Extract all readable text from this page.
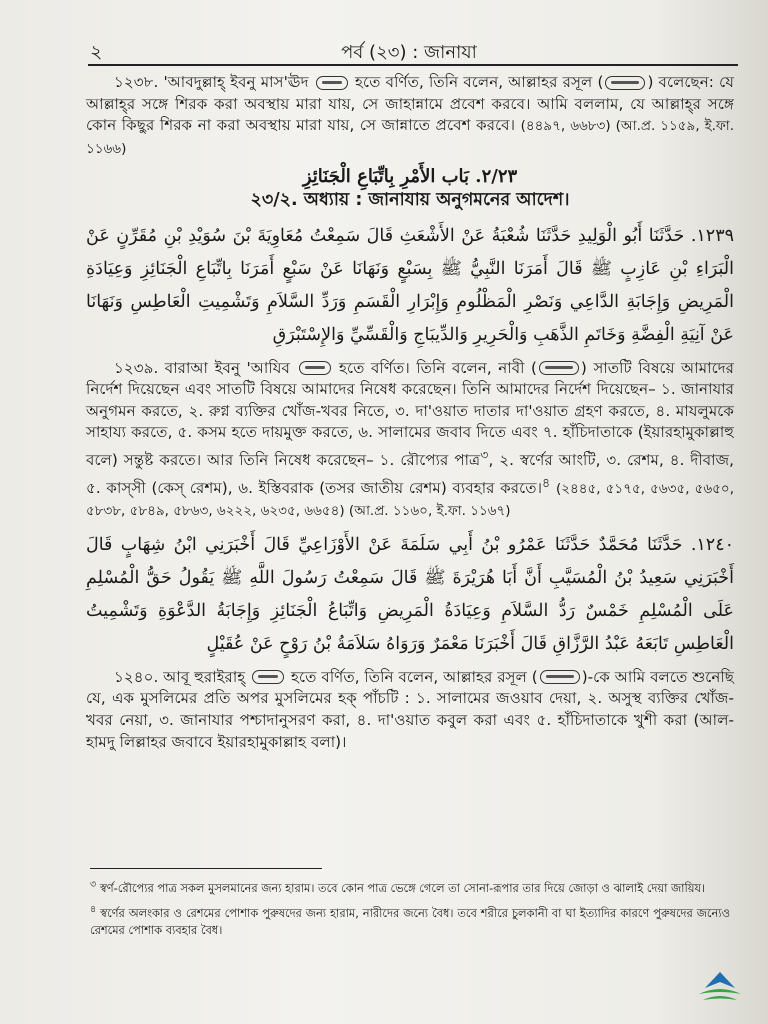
২	পর্ব (২৩) : জানাযা

১২৩৮. 'আবদুল্লাহ্‌ ইবনু মাস'ঊদ	হতে বর্ণিত, তিনি বলেন, আল্লাহর রসূল (	) বলেছেন: যে আল্লাহ্‌র সঙ্গে শিরক করা অবস্থায় মারা যায়, সে জাহান্নামে প্রবেশ করবে। আমি বললাম, যে আল্লাহ্‌র সঙ্গে কোন কিছুর শিরক না করা অবস্থায় মারা যায়, সে জান্নাতে প্রবেশ করবে। (৪৪৯৭, ৬৬৮৩) (আ.প্র. ১১৫৯, ই.ফা. ১১৬৬)

٢/٢٣. بَاب الأَمْرِ بِاتِّبَاعِ الْجَنَائِزِ
২৩/২. অধ্যায় : জানাযায় অনুগমনের আদেশ।
١٢٣٩. حَدَّثَنَا أَبُو الْوَلِيدِ حَدَّثَنَا شُعْبَةُ عَنْ الأَشْعَثِ قَالَ سَمِعْتُ مُعَاوِيَةَ بْنَ سُوَيْدِ بْنِ مُقَرِّنٍ عَنْ الْبَرَاءِ بْنِ عَازِبٍ ﷺ قَالَ أَمَرَنَا النَّبِيُّ ﷺ بِسَبْعٍ وَنَهَانَا عَنْ سَبْعٍ أَمَرَنَا بِاتِّبَاعِ الْجَنَائِزِ وَعِيَادَةِ الْمَرِيضِ وَإِجَابَةِ الدَّاعِي وَنَصْرِ الْمَظْلُومِ وَإِبْرَارِ الْقَسَمِ وَرَدِّ السَّلاَمِ وَتَشْمِيتِ الْعَاطِسِ وَنَهَانَا عَنْ آنِيَةِ الْفِضَّةِ وَخَاتَمِ الذَّهَبِ وَالْحَرِيرِ وَالدِّيبَاجِ وَالْقَسِّيِّ وَالإِسْتَبْرَقِ

১২৩৯. বারাআ ইবনু 'আযিব	হতে বর্ণিত। তিনি বলেন, নাবী (	) সাতটি বিষয়ে আমাদের নির্দেশ দিয়েছেন এবং সাতটি বিষয়ে আমাদের নিষেধ করেছেন। তিনি আমাদের নির্দেশ দিয়েছেন– ১. জানাযার অনুগমন করতে, ২. রুগ্ন ব্যক্তির খোঁজ-খবর নিতে, ৩. দা'ওয়াত দাতার দা'ওয়াত গ্রহণ করতে, ৪. মাযলুমকে সাহায্য করতে, ৫. কসম হতে দায়মুক্ত করতে, ৬. সালামের জবাব দিতে এবং ৭. হাঁচিদাতাকে (ইয়ারহামুকাল্লাহু বলে) সন্তুষ্ট করতে। আর তিনি নিষেধ করেছেন– ১. রৌপ্যের পাত্র$^৩$, ২. স্বর্ণের আংটি, ৩. রেশম, ৪. দীবাজ, ৫. কাস্‌সী (কেস্‌ রেশম), ৬. ইস্তিবরাক (তসর জাতীয় রেশম) ব্যবহার করতে।$^৪$ (২৪৪৫, ৫১৭৫, ৫৬৩৫, ৫৬৫০, ৫৮৩৮, ৫৮৪৯, ৫৮৬৩, ৬২২২, ৬২৩৫, ৬৬৫৪) (আ.প্র. ১১৬০, ই.ফা. ১১৬৭)

١٢٤٠. حَدَّثَنَا مُحَمَّدٌ حَدَّثَنَا عَمْرُو بْنُ أَبِي سَلَمَةَ عَنْ الأَوْزَاعِيِّ قَالَ أَخْبَرَنِي ابْنُ شِهَابٍ قَالَ أَخْبَرَنِي سَعِيدُ بْنُ الْمُسَيَّبِ أَنَّ أَبَا هُرَيْرَةَ ﷺ قَالَ سَمِعْتُ رَسُولَ اللَّهِ ﷺ يَقُولُ حَقُّ الْمُسْلِمِ عَلَى الْمُسْلِمِ خَمْسٌ رَدُّ السَّلاَمِ وَعِيَادَةُ الْمَرِيضِ وَاتِّبَاعُ الْجَنَائِزِ وَإِجَابَةُ الدَّعْوَةِ وَتَشْمِيتُ الْعَاطِسِ تَابَعَهُ عَبْدُ الرَّزَّاقِ قَالَ أَخْبَرَنَا مَعْمَرٌ وَرَوَاهُ سَلاَمَةُ بْنُ رَوْحٍ عَنْ عُقَيْلٍ

১২৪০. আবূ হুরাইরাহ্‌	হতে বর্ণিত, তিনি বলেন, আল্লাহর রসূল (	)-কে আমি বলতে শুনেছি যে, এক মুসলিমের প্রতি অপর মুসলিমের হক্‌ পাঁচটি : ১. সালামের জওয়াব দেয়া, ২. অসুস্থ ব্যক্তির খোঁজ-খবর নেয়া, ৩. জানাযার পশ্চাদানুসরণ করা, ৪. দা'ওয়াত কবুল করা এবং ৫. হাঁচিদাতাকে খুশী করা (আল-হামদু লিল্লাহর জবাবে ইয়ারহামুকাল্লাহ বলা)।

$^৩$ স্বর্ণ-রৌপ্যের পাত্র সকল মুসলমানের জন্য হারাম। তবে কোন পাত্র ভেঙ্গে গেলে তা সোনা-রূপার তার দিয়ে জোড়া ও ঝালাই দেয়া জায়িয।

$^৪$ স্বর্ণের অলংকার ও রেশমের পোশাক পুরুষদের জন্য হারাম, নারীদের জন্যে বৈধ। তবে শরীরে চুলকানী বা ঘা ইত্যাদির কারণে পুরুষদের জন্যেও রেশমের পোশাক ব্যবহার বৈধ।
